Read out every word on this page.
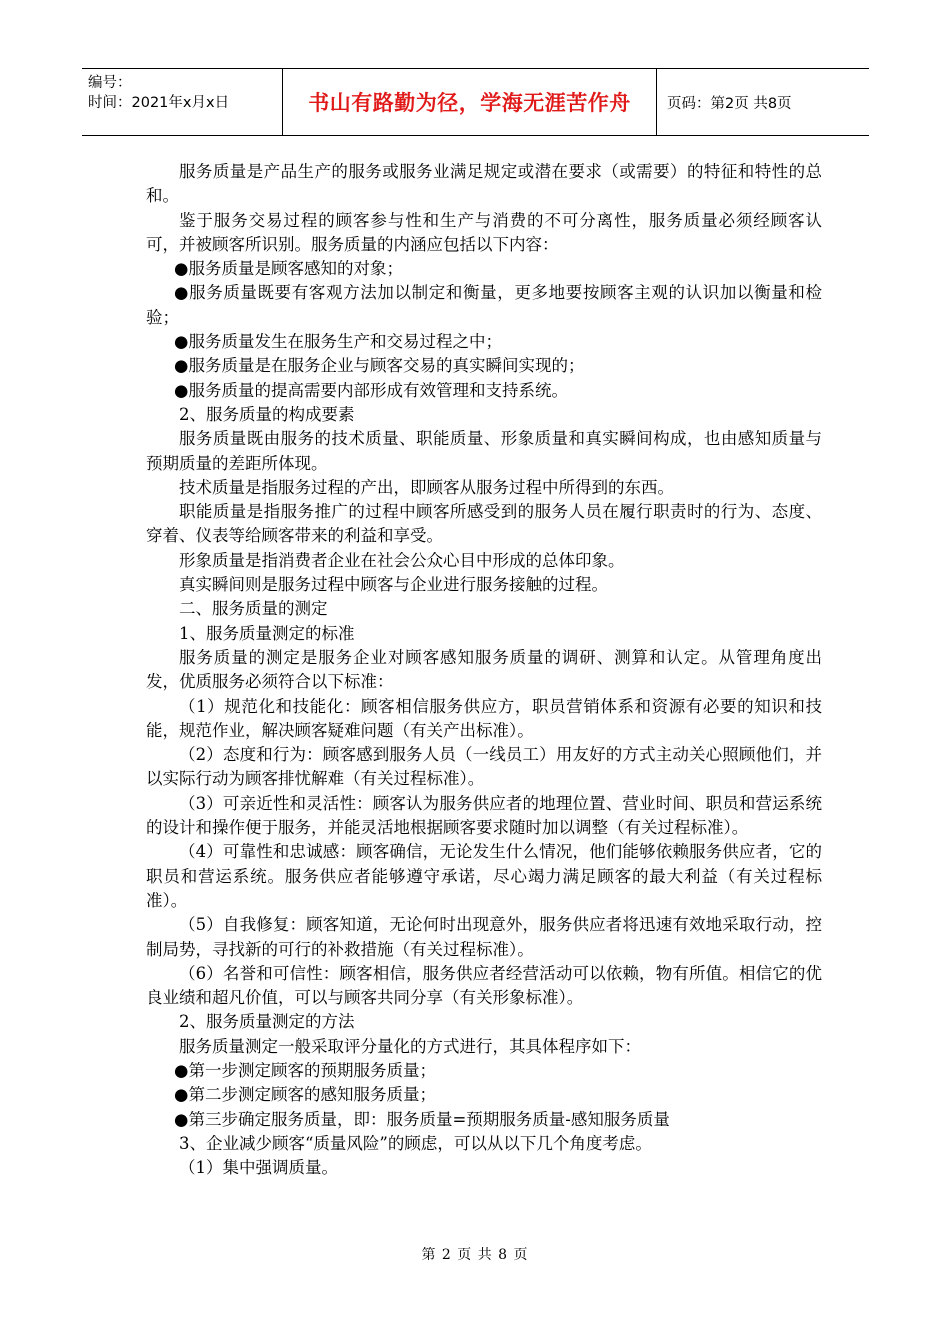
编号：
时间：2021年x月x日	书山有路勤为径，学海无涯苦作舟	页码：第2页 共8页

服务质量是产品生产的服务或服务业满足规定或潜在要求（或需要）的特征和特性的总和。

鉴于服务交易过程的顾客参与性和生产与消费的不可分离性，服务质量必须经顾客认可，并被顾客所识别。服务质量的内涵应包括以下内容：

●服务质量是顾客感知的对象；

●服务质量既要有客观方法加以制定和衡量，更多地要按顾客主观的认识加以衡量和检验；

●服务质量发生在服务生产和交易过程之中；

●服务质量是在服务企业与顾客交易的真实瞬间实现的；

●服务质量的提高需要内部形成有效管理和支持系统。

2、服务质量的构成要素

服务质量既由服务的技术质量、职能质量、形象质量和真实瞬间构成，也由感知质量与预期质量的差距所体现。

技术质量是指服务过程的产出，即顾客从服务过程中所得到的东西。

职能质量是指服务推广的过程中顾客所感受到的服务人员在履行职责时的行为、态度、穿着、仪表等给顾客带来的利益和享受。

形象质量是指消费者企业在社会公众心目中形成的总体印象。

真实瞬间则是服务过程中顾客与企业进行服务接触的过程。

二、服务质量的测定

1、服务质量测定的标准

服务质量的测定是服务企业对顾客感知服务质量的调研、测算和认定。从管理角度出发，优质服务必须符合以下标准：

（1）规范化和技能化：顾客相信服务供应方，职员营销体系和资源有必要的知识和技能，规范作业，解决顾客疑难问题（有关产出标准）。

（2）态度和行为：顾客感到服务人员（一线员工）用友好的方式主动关心照顾他们，并以实际行动为顾客排忧解难（有关过程标准）。

（3）可亲近性和灵活性：顾客认为服务供应者的地理位置、营业时间、职员和营运系统的设计和操作便于服务，并能灵活地根据顾客要求随时加以调整（有关过程标准）。

（4）可靠性和忠诚感：顾客确信，无论发生什么情况，他们能够依赖服务供应者，它的职员和营运系统。服务供应者能够遵守承诺，尽心竭力满足顾客的最大利益（有关过程标准）。

（5）自我修复：顾客知道，无论何时出现意外，服务供应者将迅速有效地采取行动，控制局势，寻找新的可行的补救措施（有关过程标准）。

（6）名誉和可信性：顾客相信，服务供应者经营活动可以依赖，物有所值。相信它的优良业绩和超凡价值，可以与顾客共同分享（有关形象标准）。

2、服务质量测定的方法

服务质量测定一般采取评分量化的方式进行，其具体程序如下：

●第一步测定顾客的预期服务质量；

●第二步测定顾客的感知服务质量；

●第三步确定服务质量，即：服务质量=预期服务质量-感知服务质量

3、企业减少顾客“质量风险”的顾虑，可以从以下几个角度考虑。

（1）集中强调质量。

第 2 页 共 8 页
